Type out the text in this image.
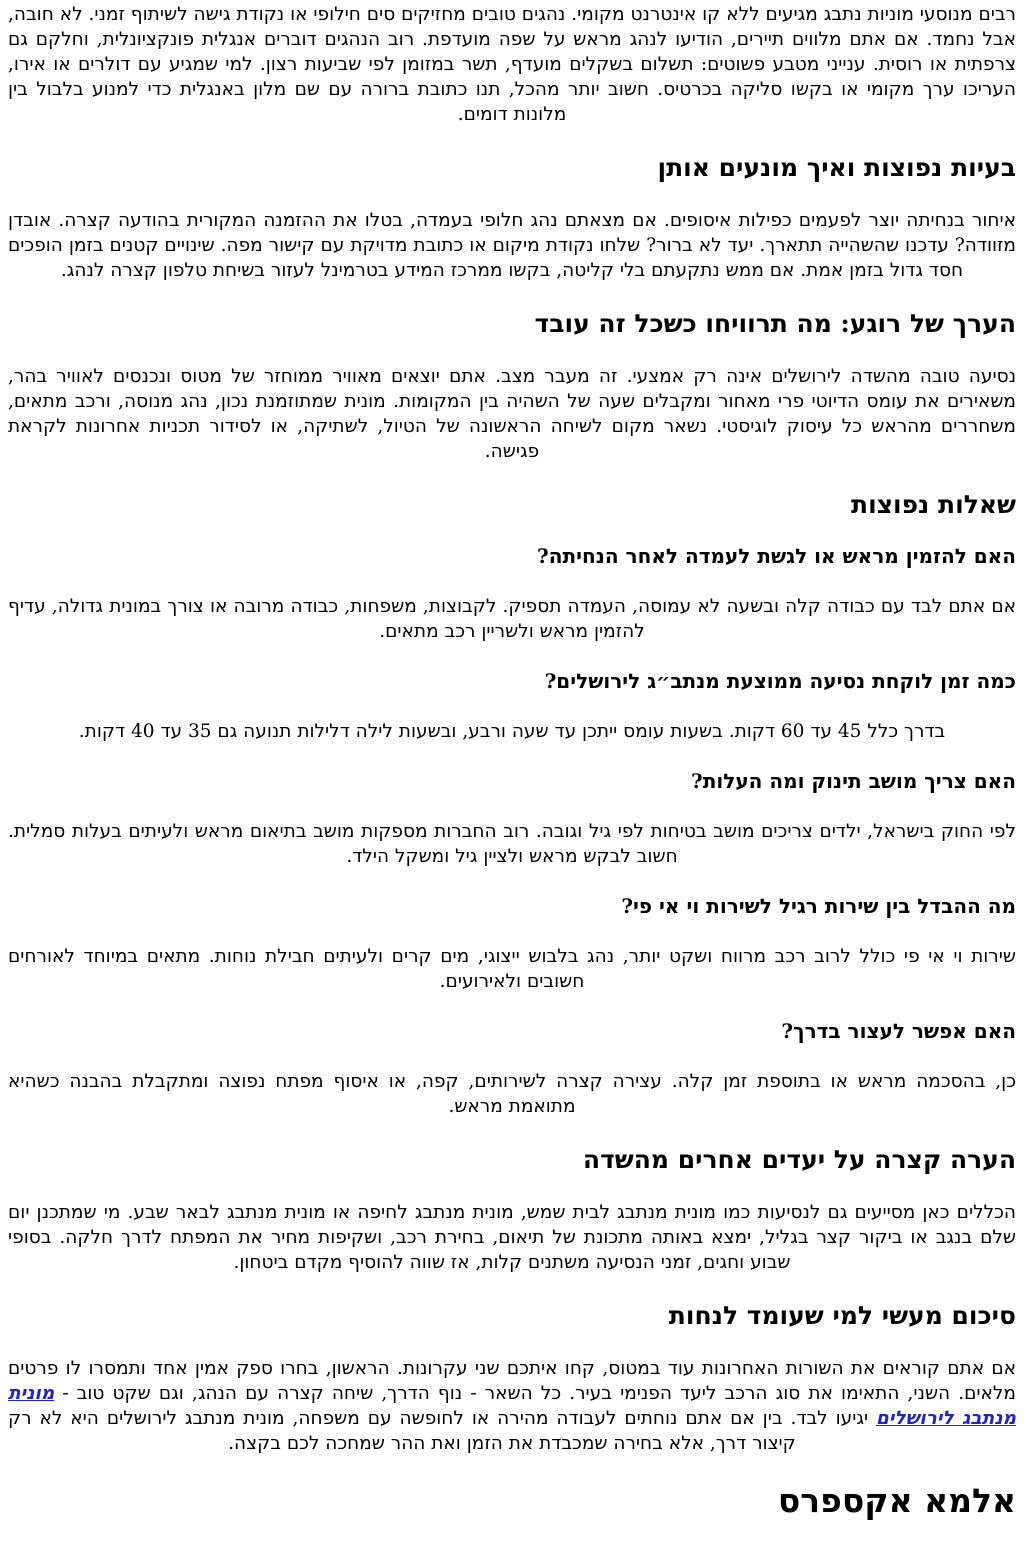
רבים מנוסעי מוניות נתבג מגיעים ללא קו אינטרנט מקומי. נהגים טובים מחזיקים סים חילופי או נקודת גישה לשיתוף זמני. לא חובה, אבל נחמד. אם אתם מלווים תיירים, הודיעו לנהג מראש על שפה מועדפת. רוב הנהגים דוברים אנגלית פונקציונלית, וחלקם גם צרפתית או רוסית. ענייני מטבע פשוטים: תשלום בשקלים מועדף, תשר במזומן לפי שביעות רצון. למי שמגיע עם דולרים או אירו, העריכו ערך מקומי או בקשו סליקה בכרטיס. חשוב יותר מהכל, תנו כתובת ברורה עם שם מלון באנגלית כדי למנוע בלבול בין מלונות דומים.

בעיות נפוצות ואיך מונעים אותן

איחור בנחיתה יוצר לפעמים כפילות איסופים. אם מצאתם נהג חלופי בעמדה, בטלו את ההזמנה המקורית בהודעה קצרה. אובדן מזוודה? עדכנו שהשהייה תתארך. יעד לא ברור? שלחו נקודת מיקום או כתובת מדויקת עם קישור מפה. שינויים קטנים בזמן הופכים חסד גדול בזמן אמת. אם ממש נתקעתם בלי קליטה, בקשו ממרכז המידע בטרמינל לעזור בשיחת טלפון קצרה לנהג.

הערך של רוגע: מה תרוויחו כשכל זה עובד

נסיעה טובה מהשדה לירושלים אינה רק אמצעי. זה מעבר מצב. אתם יוצאים מאוויר ממוחזר של מטוס ונכנסים לאוויר בהר, משאירים את עומס הדיוטי פרי מאחור ומקבלים שעה של השהיה בין המקומות. מונית שמתוזמנת נכון, נהג מנוסה, ורכב מתאים, משחררים מהראש כל עיסוק לוגיסטי. נשאר מקום לשיחה הראשונה של הטיול, לשתיקה, או לסידור תכניות אחרונות לקראת פגישה.

שאלות נפוצות
האם להזמין מראש או לגשת לעמדה לאחר הנחיתה?

אם אתם לבד עם כבודה קלה ובשעה לא עמוסה, העמדה תספיק. לקבוצות, משפחות, כבודה מרובה או צורך במונית גדולה, עדיף להזמין מראש ולשריין רכב מתאים.

כמה זמן לוקחת נסיעה ממוצעת מנתב״ג לירושלים?

בדרך כלל 45 עד 60 דקות. בשעות עומס ייתכן עד שעה ורבע, ובשעות לילה דלילות תנועה גם 35 עד 40 דקות.

האם צריך מושב תינוק ומה העלות?

לפי החוק בישראל, ילדים צריכים מושב בטיחות לפי גיל וגובה. רוב החברות מספקות מושב בתיאום מראש ולעיתים בעלות סמלית. חשוב לבקש מראש ולציין גיל ומשקל הילד.

מה ההבדל בין שירות רגיל לשירות וי אי פי?

שירות וי אי פי כולל לרוב רכב מרווח ושקט יותר, נהג בלבוש ייצוגי, מים קרים ולעיתים חבילת נוחות. מתאים במיוחד לאורחים חשובים ולאירועים.

האם אפשר לעצור בדרך?

כן, בהסכמה מראש או בתוספת זמן קלה. עצירה קצרה לשירותים, קפה, או איסוף מפתח נפוצה ומתקבלת בהבנה כשהיא מתואמת מראש.

הערה קצרה על יעדים אחרים מהשדה

הכללים כאן מסייעים גם לנסיעות כמו מונית מנתבג לבית שמש, מונית מנתבג לחיפה או מונית מנתבג לבאר שבע. מי שמתכנן יום שלם בנגב או ביקור קצר בגליל, ימצא באותה מתכונת של תיאום, בחירת רכב, ושקיפות מחיר את המפתח לדרך חלקה. בסופי שבוע וחגים, זמני הנסיעה משתנים קלות, אז שווה להוסיף מקדם ביטחון.

סיכום מעשי למי שעומד לנחות

אם אתם קוראים את השורות האחרונות עוד במטוס, קחו איתכם שני עקרונות. הראשון, בחרו ספק אמין אחד ותמסרו לו פרטים מלאים. השני, התאימו את סוג הרכב ליעד הפנימי בעיר. כל השאר - נוף הדרך, שיחה קצרה עם הנהג, וגם שקט טוב - מונית מנתבג לירושלים יגיעו לבד. בין אם אתם נוחתים לעבודה מהירה או לחופשה עם משפחה, מונית מנתבג לירושלים היא לא רק קיצור דרך, אלא בחירה שמכבדת את הזמן ואת ההר שמחכה לכם בקצה.

אלמא אקספרס
